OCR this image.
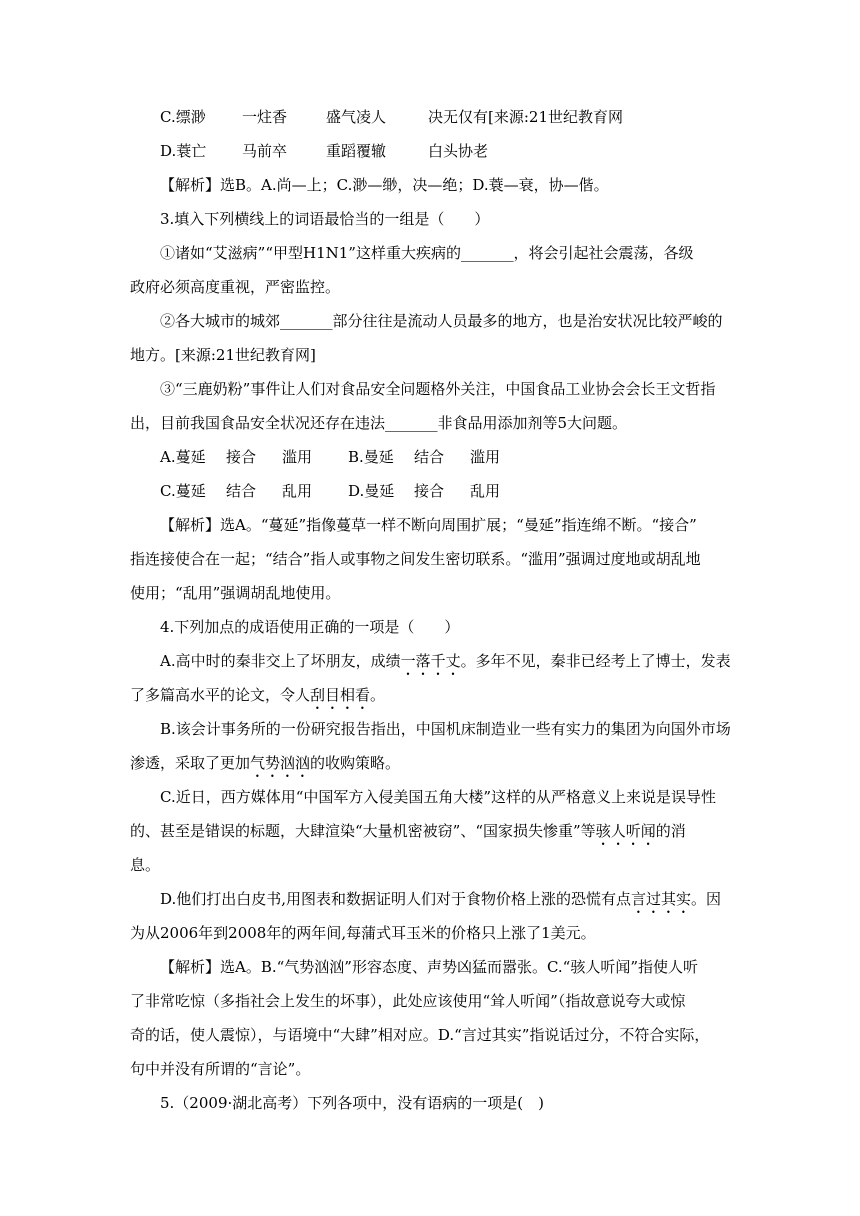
C.缥渺	一炷香	盛气凌人	决无仅有[来源:21世纪教育网
D.蓑亡	马前卒	重蹈覆辙	白头协老
【解析】选B。A.尚—上；C.渺—缈，决—绝；D.蓑—衰，协—偕。
3.填入下列横线上的词语最恰当的一组是（　　）
①诸如“艾滋病”“甲型H1N1”这样重大疾病的_______，将会引起社会震荡，各级
政府必须高度重视，严密监控。
②各大城市的城郊_______部分往往是流动人员最多的地方，也是治安状况比较严峻的
地方。[来源:21世纪教育网]
③“三鹿奶粉”事件让人们对食品安全问题格外关注，中国食品工业协会会长王文哲指
出，目前我国食品安全状况还存在违法_______非食品用添加剂等5大问题。
A.蔓延	接合	滥用	B.曼延	结合	滥用
C.蔓延	结合	乱用	D.曼延	接合	乱用
【解析】选A。“蔓延”指像蔓草一样不断向周围扩展；“曼延”指连绵不断。“接合”
指连接使合在一起；“结合”指人或事物之间发生密切联系。“滥用”强调过度地或胡乱地
使用；“乱用”强调胡乱地使用。
4.下列加点的成语使用正确的一项是（　　）
A.高中时的秦非交上了坏朋友，成绩一落千丈。多年不见，秦非已经考上了博士，发表
了多篇高水平的论文，令人刮目相看。
B.该会计事务所的一份研究报告指出，中国机床制造业一些有实力的集团为向国外市场
渗透，采取了更加气势汹汹的收购策略。
C.近日，西方媒体用“中国军方入侵美国五角大楼”这样的从严格意义上来说是误导性
的、甚至是错误的标题，大肆渲染“大量机密被窃”、“国家损失惨重”等骇人听闻的消
息。
D.他们打出白皮书,用图表和数据证明人们对于食物价格上涨的恐慌有点言过其实。因
为从2006年到2008年的两年间,每蒲式耳玉米的价格只上涨了1美元。
【解析】选A。B.“气势汹汹”形容态度、声势凶猛而嚣张。C.“骇人听闻”指使人听
了非常吃惊（多指社会上发生的坏事），此处应该使用“耸人听闻”（指故意说夸大或惊
奇的话，使人震惊），与语境中“大肆”相对应。D.“言过其实”指说话过分，不符合实际，
句中并没有所谓的“言论”。
5.（2009·湖北高考）下列各项中，没有语病的一项是(　)
